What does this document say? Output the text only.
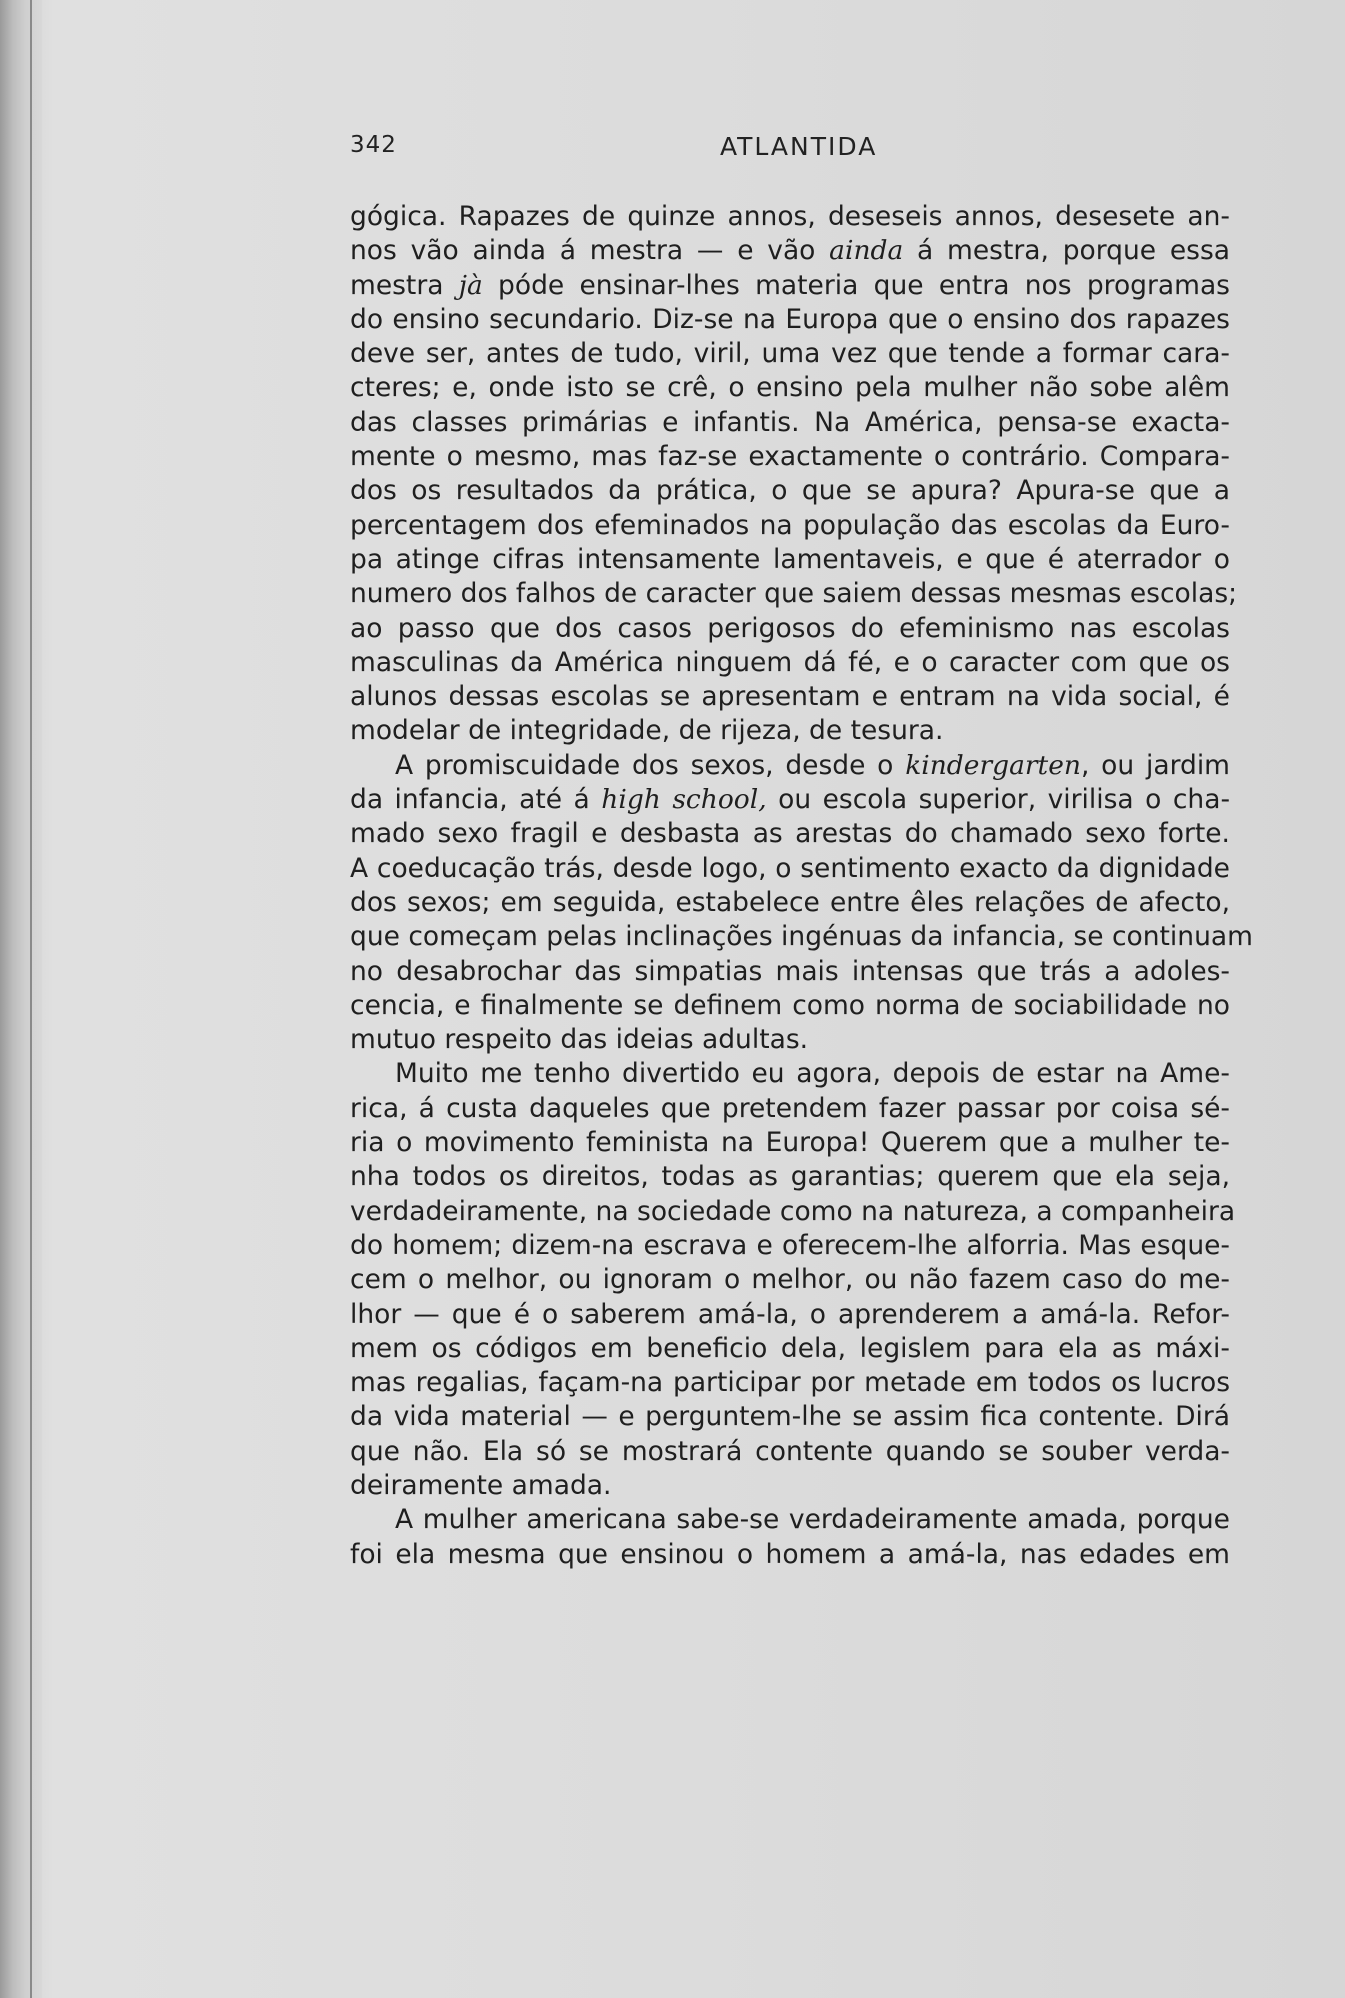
342	ATLANTIDA
gógica. Rapazes de quinze annos, deseseis annos, desesete an-
nos vão ainda á mestra — e vão ainda á mestra, porque essa
mestra jà póde ensinar-lhes materia que entra nos programas
do ensino secundario. Diz-se na Europa que o ensino dos rapazes
deve ser, antes de tudo, viril, uma vez que tende a formar cara-
cteres; e, onde isto se crê, o ensino pela mulher não sobe alêm
das classes primárias e infantis. Na América, pensa-se exacta-
mente o mesmo, mas faz-se exactamente o contrário. Compara-
dos os resultados da prática, o que se apura? Apura-se que a
percentagem dos efeminados na população das escolas da Euro-
pa atinge cifras intensamente lamentaveis, e que é aterrador o
numero dos falhos de caracter que saiem dessas mesmas escolas;
ao passo que dos casos perigosos do efeminismo nas escolas
masculinas da América ninguem dá fé, e o caracter com que os
alunos dessas escolas se apresentam e entram na vida social, é
modelar de integridade, de rijeza, de tesura.
A promiscuidade dos sexos, desde o kindergarten, ou jardim
da infancia, até á high school, ou escola superior, virilisa o cha-
mado sexo fragil e desbasta as arestas do chamado sexo forte.
A coeducação trás, desde logo, o sentimento exacto da dignidade
dos sexos; em seguida, estabelece entre êles relações de afecto,
que começam pelas inclinações ingénuas da infancia, se continuam
no desabrochar das simpatias mais intensas que trás a adoles-
cencia, e finalmente se definem como norma de sociabilidade no
mutuo respeito das ideias adultas.
Muito me tenho divertido eu agora, depois de estar na Ame-
rica, á custa daqueles que pretendem fazer passar por coisa sé-
ria o movimento feminista na Europa! Querem que a mulher te-
nha todos os direitos, todas as garantias; querem que ela seja,
verdadeiramente, na sociedade como na natureza, a companheira
do homem; dizem-na escrava e oferecem-lhe alforria. Mas esque-
cem o melhor, ou ignoram o melhor, ou não fazem caso do me-
lhor — que é o saberem amá-la, o aprenderem a amá-la. Refor-
mem os códigos em beneficio dela, legislem para ela as máxi-
mas regalias, façam-na participar por metade em todos os lucros
da vida material — e perguntem-lhe se assim fica contente. Dirá
que não. Ela só se mostrará contente quando se souber verda-
deiramente amada.
A mulher americana sabe-se verdadeiramente amada, porque
foi ela mesma que ensinou o homem a amá-la, nas edades em
